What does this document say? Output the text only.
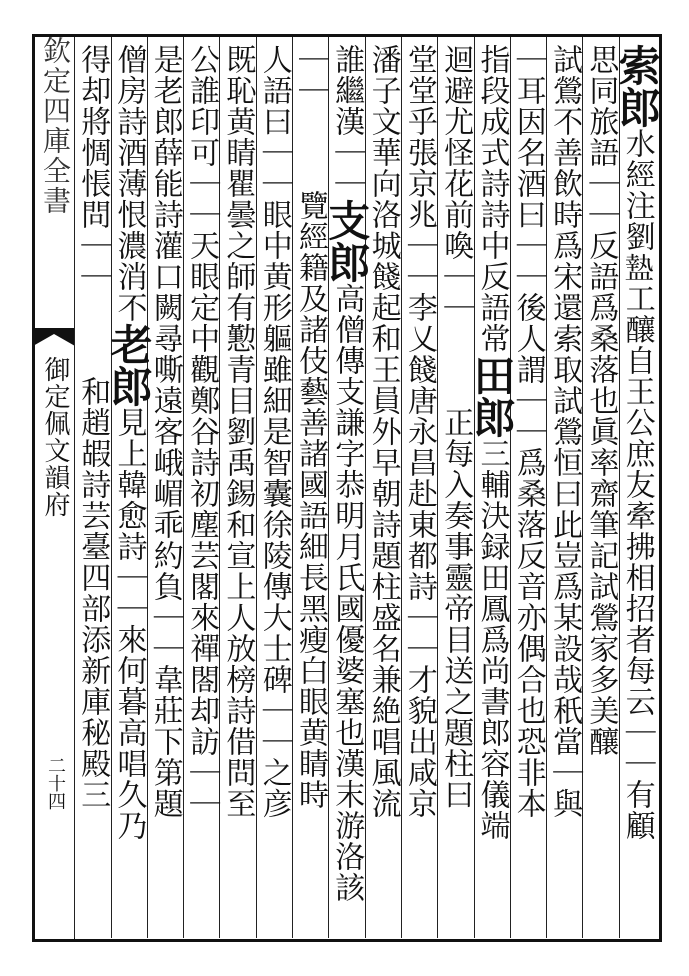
欽定四庫全書
御定佩文韻府
二十四
索郎水經注劉𥂕工釀自王公庶友牽拂相招者每云｜｜有顧
思同旅語｜｜反語爲桑落也眞率齋筆記試鶯家多美釀
試鶯不善飲時爲宋還索取試鶯恒曰此豈爲某設哉秖當｜與
｜耳因名酒曰｜｜後人謂｜｜爲桑落反音亦偶合也恐非本
指段成式詩詩中反語常田郎三輔決録田鳳爲尚書郎容儀端
迴避尤怪花前喚｜｜　　正每入奏事靈帝目送之題柱曰
堂堂乎張京兆｜｜李乂餞唐永昌赴東都詩｜｜才貌出咸京
潘子文華向洛城餞起和王員外早朝詩題柱盛名兼絶唱風流
誰繼漢｜｜支郎高僧傳支謙字恭明月氏國優婆塞也漢末游洛該
｜｜　　覽經籍及諸伎藝善諸國語細長黑瘦白眼黄睛時
人語曰｜｜眼中黄形軀雖細是智囊徐陵傳大士碑｜｜之彦
既恥黄睛瞿曇之師有懃青目劉禹錫和宣上人放榜詩借問至
公誰印可｜｜天眼定中觀鄭谷詩初塵芸閣來禪閤却訪｜｜
是老郎薛能詩灌口闕尋嘶遠客峨嵋乖約負｜｜韋莊下第題
僧房詩酒薄恨濃消不老郎見上韓愈詩｜｜來何暮高唱久乃
得却將惆悵問｜｜　　和趙嘏詩芸臺四部添新庫秘殿三
